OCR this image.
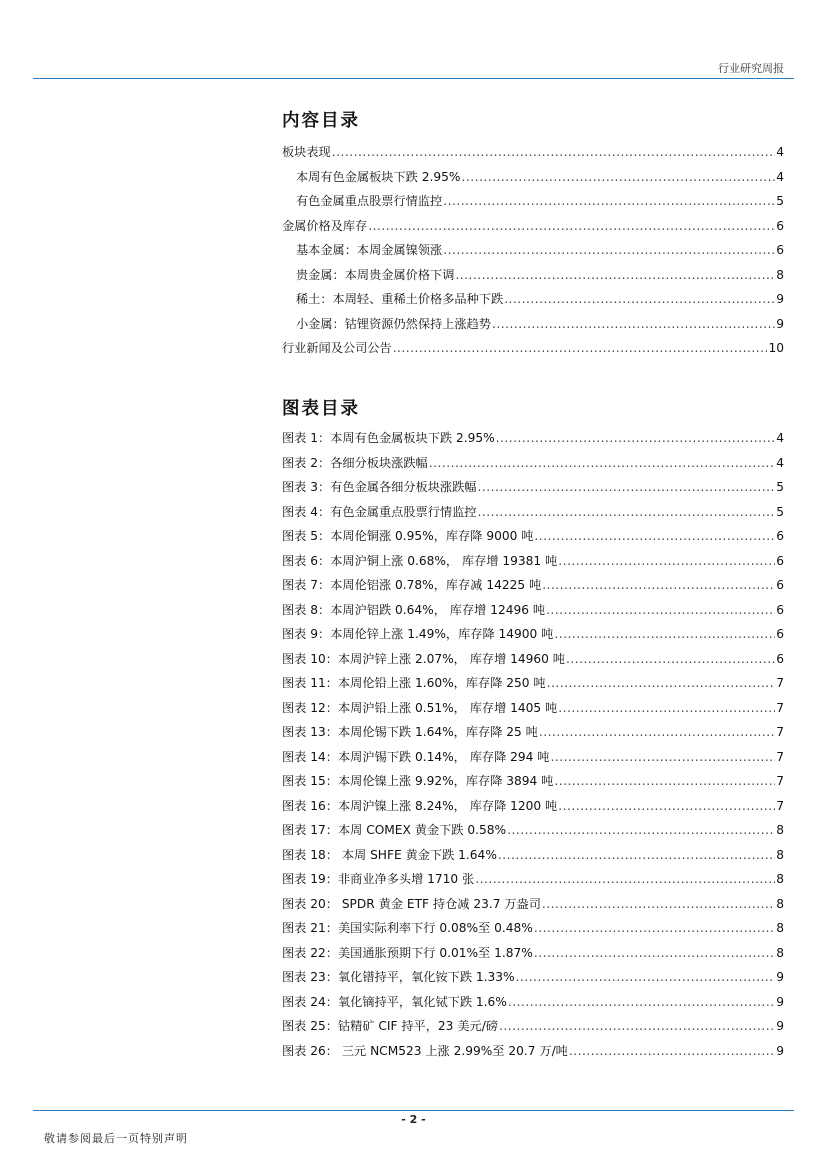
行业研究周报
内容目录
板块表现 .....	4
本周有色金属板块下跌 2.95% .....	4
有色金属重点股票行情监控 .....	5
金属价格及库存 .....	6
基本金属：本周金属镍领涨 .....	6
贵金属：本周贵金属价格下调 .....	8
稀土：本周轻、重稀土价格多品种下跌 .....	9
小金属：钴锂资源仍然保持上涨趋势 .....	9
行业新闻及公司公告 .....	10
图表目录
图表 1：本周有色金属板块下跌 2.95% .....	4
图表 2：各细分板块涨跌幅 .....	4
图表 3：有色金属各细分板块涨跌幅 .....	5
图表 4：有色金属重点股票行情监控 .....	5
图表 5：本周伦铜涨 0.95%，库存降 9000 吨 .....	6
图表 6：本周沪铜上涨 0.68%， 库存增 19381 吨 .....	6
图表 7：本周伦铝涨 0.78%，库存减 14225 吨 .....	6
图表 8：本周沪铝跌 0.64%， 库存增 12496 吨 .....	6
图表 9：本周伦锌上涨 1.49%，库存降 14900 吨 .....	6
图表 10：本周沪锌上涨 2.07%， 库存增 14960 吨 .....	6
图表 11：本周伦铅上涨 1.60%，库存降 250 吨 .....	7
图表 12：本周沪铅上涨 0.51%， 库存增 1405 吨 .....	7
图表 13：本周伦锡下跌 1.64%，库存降 25 吨 .....	7
图表 14：本周沪锡下跌 0.14%， 库存降 294 吨 .....	7
图表 15：本周伦镍上涨 9.92%，库存降 3894 吨 .....	7
图表 16：本周沪镍上涨 8.24%， 库存降 1200 吨 .....	7
图表 17：本周 COMEX 黄金下跌 0.58% .....	8
图表 18： 本周 SHFE 黄金下跌 1.64% .....	8
图表 19：非商业净多头增 1710 张 .....	8
图表 20： SPDR 黄金 ETF 持仓减 23.7 万盎司 .....	8
图表 21：美国实际利率下行 0.08%至 0.48% .....	8
图表 22：美国通胀预期下行 0.01%至 1.87% .....	8
图表 23：氧化镨持平，氧化铵下跌 1.33% .....	9
图表 24：氧化镝持平，氧化铽下跌 1.6% .....	9
图表 25：钴精矿 CIF 持平，23 美元/磅 .....	9
图表 26： 三元 NCM523 上涨 2.99%至 20.7 万/吨 .....	9
- 2 -
敬请参阅最后一页特别声明
